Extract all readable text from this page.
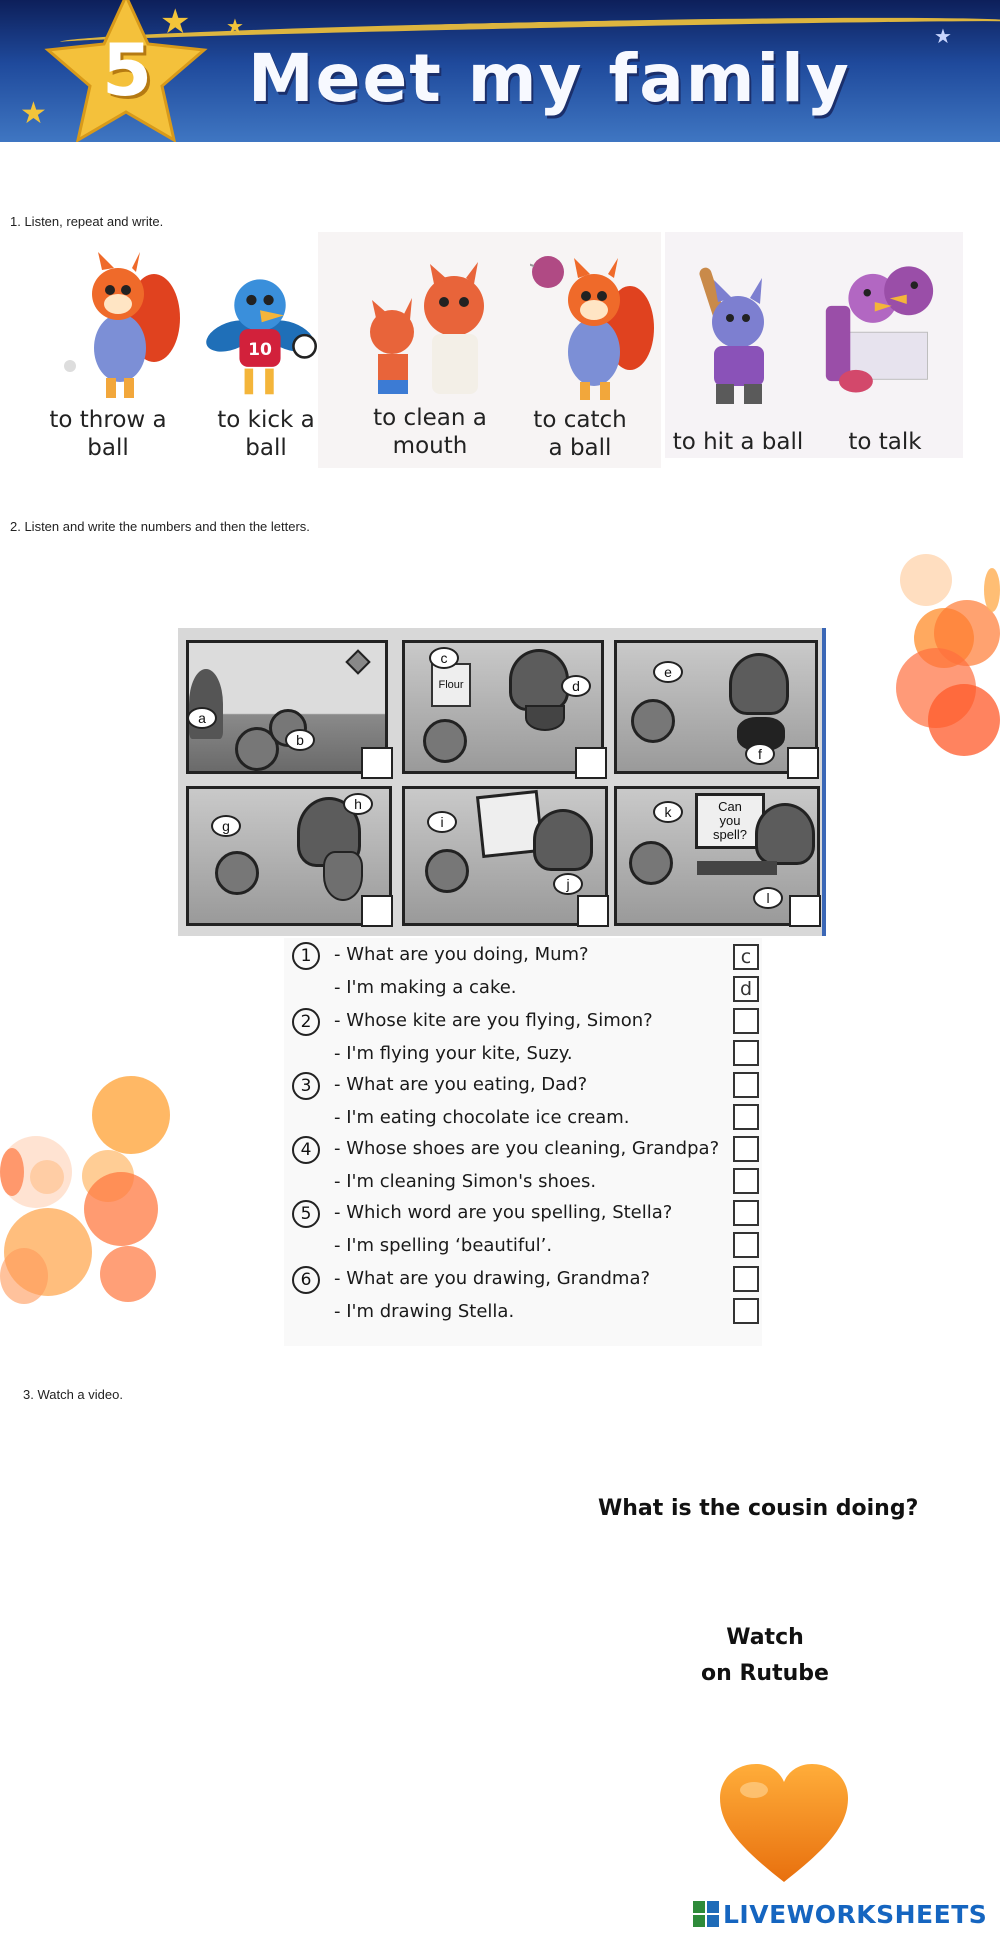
★
★ ★	★
5 Meet my family
1. Listen, repeat and write.
to throw a
ball
10
to kick a
ball
to clean a
mouth
to catch
a ball	to hit a ball	to talk
2. Listen and write the numbers and then the letters.
a
b
Flour
c
d
e
f
g
h
i
j
Can
you
spell?
k
l
1	- What are you doing, Mum?	c
- I'm making a cake.	d
2	- Whose kite are you flying, Simon?
- I'm flying your kite, Suzy.
3	- What are you eating, Dad?
- I'm eating chocolate ice cream.
4	- Whose shoes are you cleaning, Grandpa?
- I'm cleaning Simon's shoes.
5	- Which word are you spelling, Stella?
- I'm spelling ‘beautiful’.
6	- What are you drawing, Grandma?
- I'm drawing Stella.
3. Watch a video.
What is the cousin doing?
Watch
on Rutube
LIVEWORKSHEETS
